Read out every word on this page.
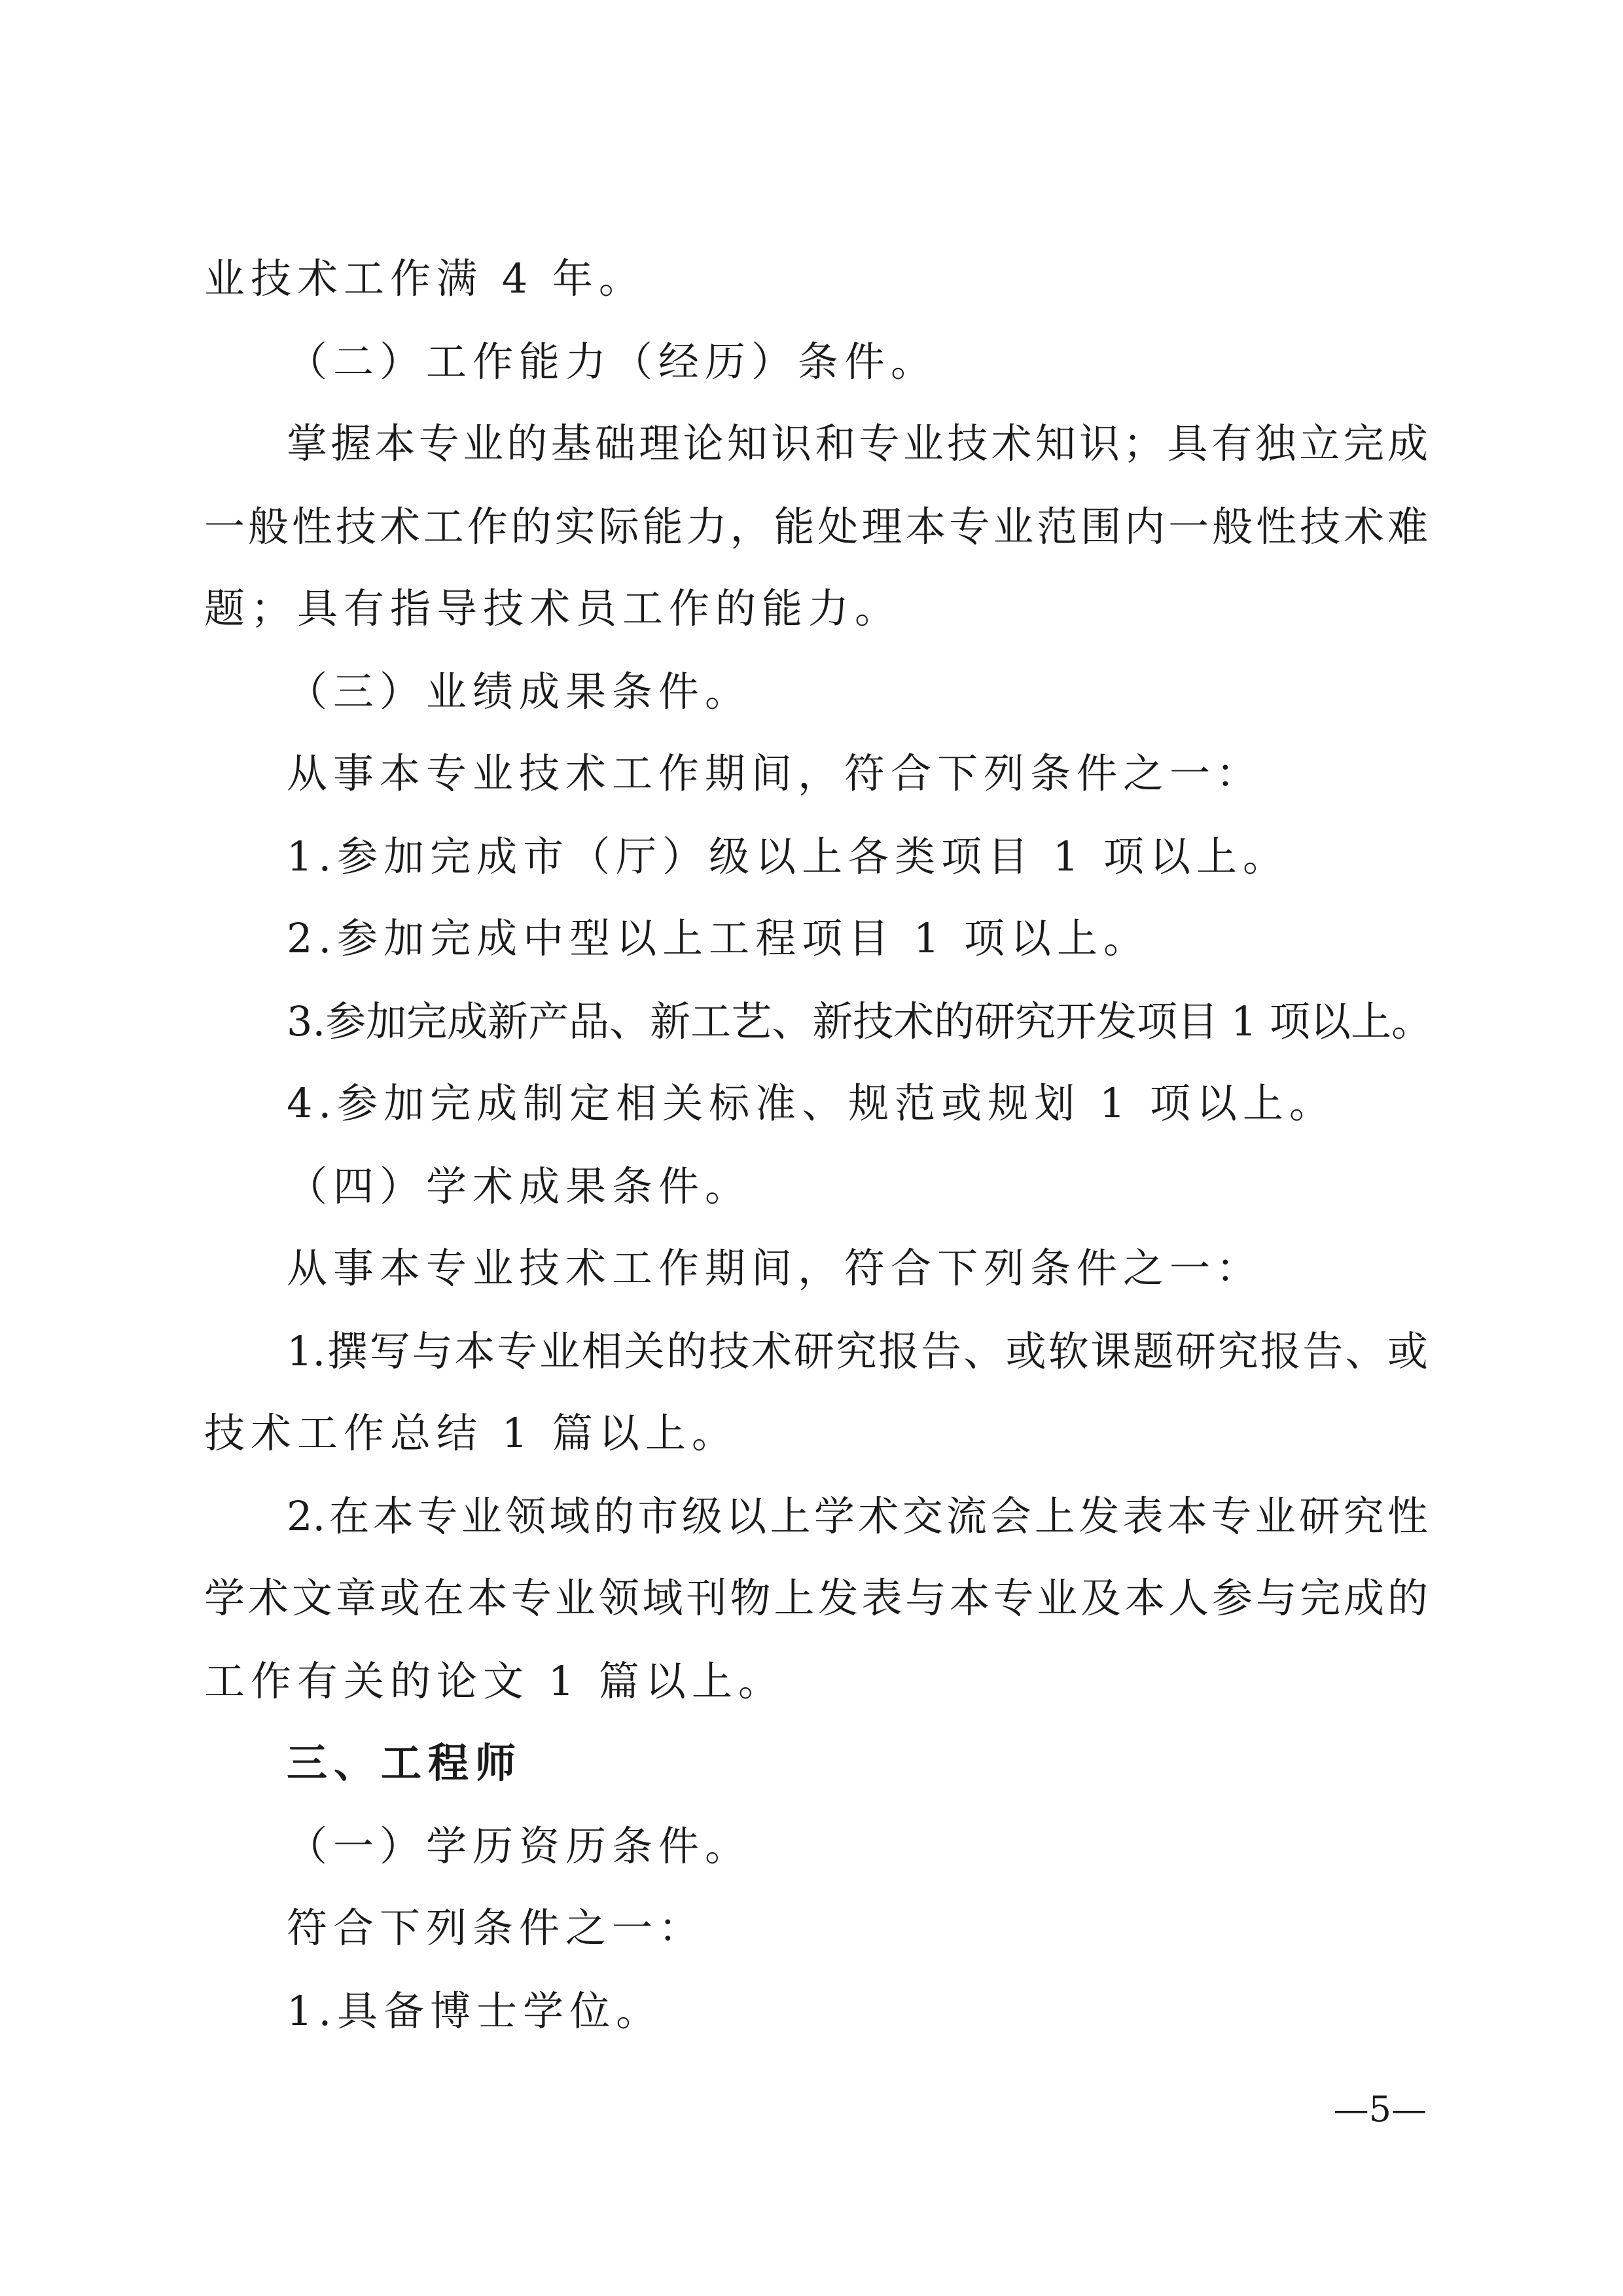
业技术工作满 4 年。
（二）工作能力（经历）条件。
掌握本专业的基础理论知识和专业技术知识；具有独立完成
一般性技术工作的实际能力，能处理本专业范围内一般性技术难
题；具有指导技术员工作的能力。
（三）业绩成果条件。
从事本专业技术工作期间，符合下列条件之一：
1.参加完成市（厅）级以上各类项目 1 项以上。
2.参加完成中型以上工程项目 1 项以上。
3.参加完成新产品、新工艺、新技术的研究开发项目 1 项以上。
4.参加完成制定相关标准、规范或规划 1 项以上。
（四）学术成果条件。
从事本专业技术工作期间，符合下列条件之一：
1.撰写与本专业相关的技术研究报告、或软课题研究报告、或
技术工作总结 1 篇以上。
2.在本专业领域的市级以上学术交流会上发表本专业研究性
学术文章或在本专业领域刊物上发表与本专业及本人参与完成的
工作有关的论文 1 篇以上。
三、工程师
（一）学历资历条件。
符合下列条件之一：
1.具备博士学位。
—5—
